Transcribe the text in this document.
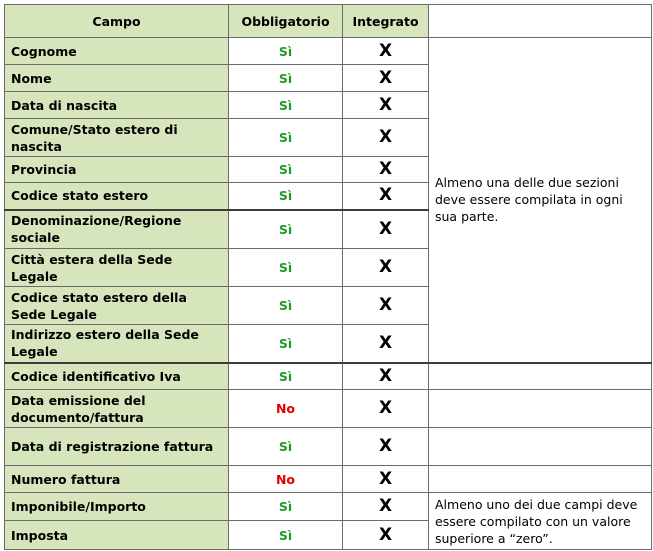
Campo	Obbligatorio	Integrato	
Cognome	Sì	X	Almeno una delle due sezioni deve essere compilata in ogni sua parte.
Nome	Sì	X	
Data di nascita	Sì	X	
Comune/Stato estero di nascita	Sì	X	
Provincia	Sì	X	
Codice stato estero	Sì	X	
Denominazione/Regione sociale	Sì	X	
Città estera della Sede Legale	Sì	X	
Codice stato estero della Sede Legale	Sì	X	
Indirizzo estero della Sede Legale	Sì	X	
Codice identificativo Iva	Sì	X	
Data emissione del documento/fattura	No	X	
Data di registrazione fattura	Sì	X	
Numero fattura	No	X	
Imponibile/Importo	Sì	X	Almeno uno dei due campi deve essere compilato con un valore superiore a “zero”.
Imposta	Sì	X	
